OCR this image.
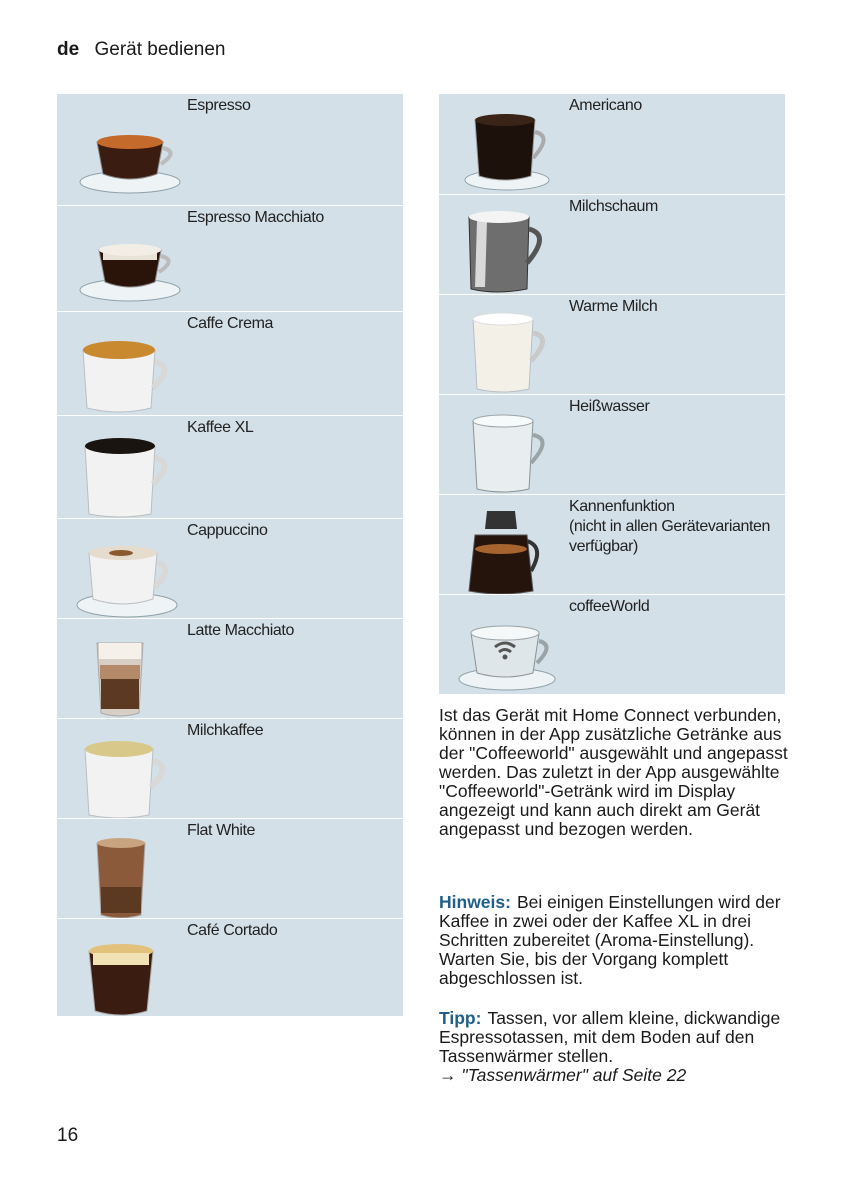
de Gerät bedienen
Espresso
Espresso Macchiato
Caffe Crema
Kaffee XL
Cappuccino
Latte Macchiato
Milchkaffee
Flat White
Café Cortado
Americano
Milchschaum
Warme Milch
Heißwasser
Kannenfunktion
(nicht in allen Gerätevarianten
verfügbar)
coffeeWorld
Ist das Gerät mit Home Connect verbunden, können in der App zusätzliche Getränke aus der "Coffeeworld" ausgewählt und angepasst werden. Das zuletzt in der App ausgewählte "Coffeeworld"-Getränk wird im Display angezeigt und kann auch direkt am Gerät angepasst und bezogen werden.
Hinweis: Bei einigen Einstellungen wird der Kaffee in zwei oder der Kaffee XL in drei Schritten zubereitet (Aroma-Einstellung). Warten Sie, bis der Vorgang komplett abgeschlossen ist.
Tipp: Tassen, vor allem kleine, dickwandige Espressotassen, mit dem Boden auf den Tassenwärmer stellen.
→ "Tassenwärmer" auf Seite 22
16
